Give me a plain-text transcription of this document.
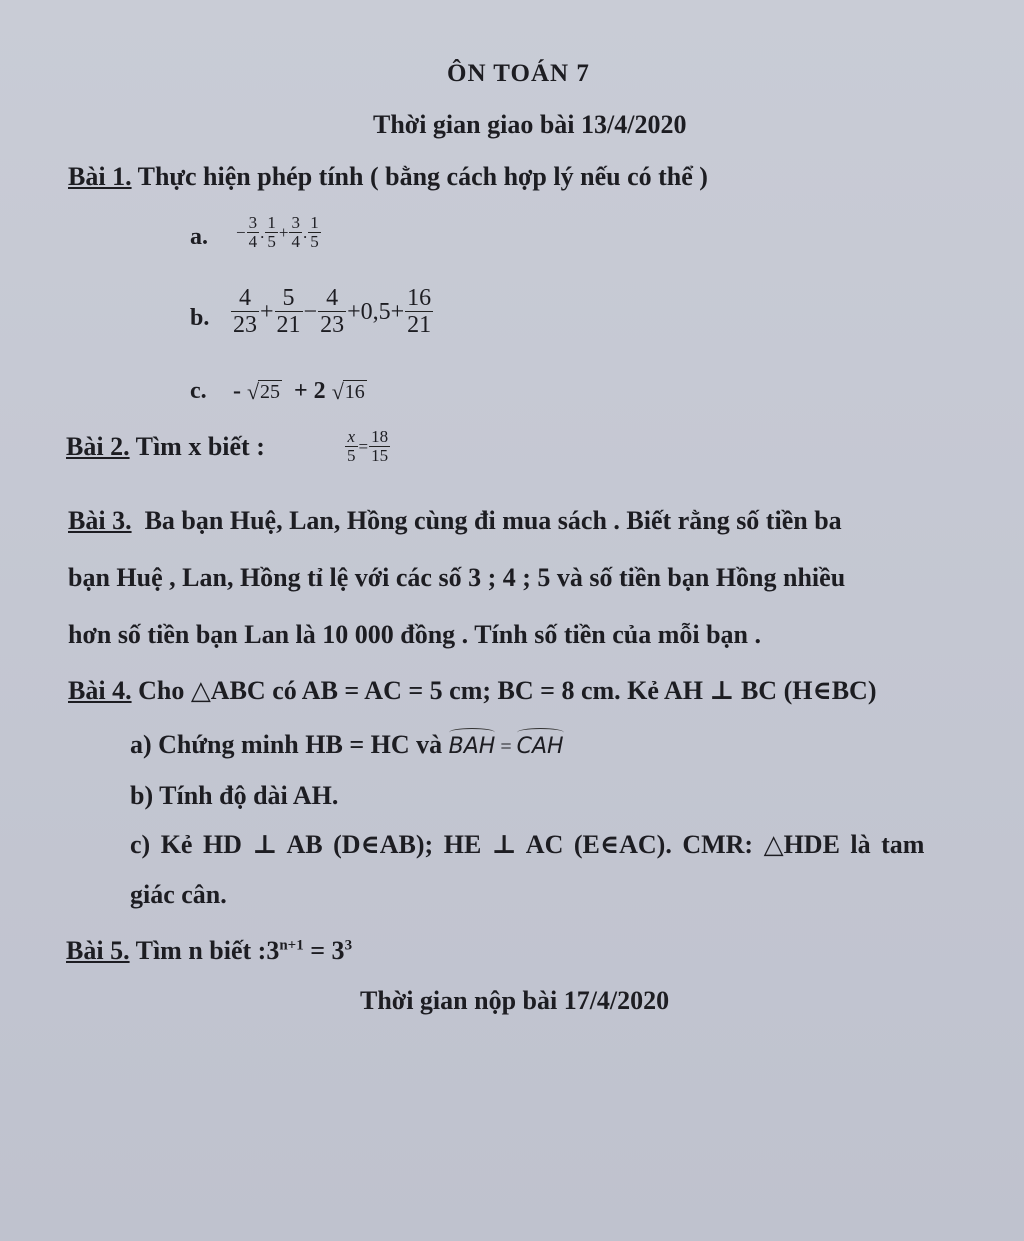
ÔN TOÁN 7
Thời gian giao bài 13/4/2020
Bài 1. Thực hiện phép tính ( bằng cách hợp lý nếu có thể )
a. − $\frac{3}{4}$ . $\frac{1}{5} + \frac{3}{4}$ . $\frac{1}{5}$
b. $\frac{4}{23} + \frac{5}{21} - \frac{4}{23} +0,5+ \frac{16}{21}$
c. - √ 25  + 2 √ 16
Bài 2. Tìm x biết :	$\frac{x}{5} = \frac{18}{15}$
Bài 3. Ba bạn Huệ, Lan, Hồng cùng đi mua sách . Biết rằng số tiền ba
bạn Huệ , Lan, Hồng tỉ lệ với các số 3 ; 4 ; 5 và số tiền bạn Hồng nhiều
hơn số tiền bạn Lan là 10 000 đồng . Tính số tiền của mỗi bạn .
Bài 4. Cho △ABC có AB = AC = 5 cm; BC = 8 cm. Kẻ AH ⊥ BC (H∈BC)
a) Chứng minh HB = HC và BAH =
CAH
b) Tính độ dài AH.
c) Kẻ HD ⊥ AB (D∈AB); HE ⊥ AC (E∈AC). CMR: △HDE là tam
giác cân.
Bài 5. Tìm n biết $:3^{n+1} = 3^3$
Thời gian nộp bài 17/4/2020
